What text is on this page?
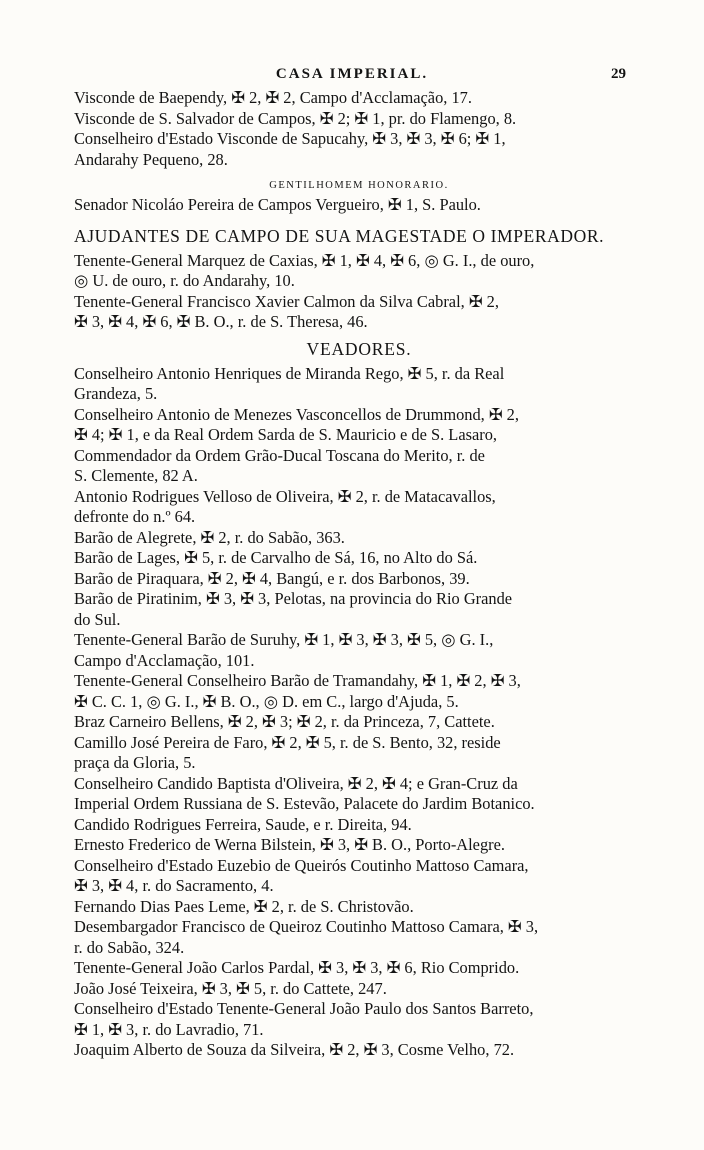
CASA IMPERIAL.	29
Visconde de Baependy, ✠ 2, ✠ 2, Campo d'Acclamação, 17.
Visconde de S. Salvador de Campos, ✠ 2; ✠ 1, pr. do Flamengo, 8.
Conselheiro d'Estado Visconde de Sapucahy, ✠ 3, ✠ 3, ✠ 6; ✠ 1,
Andarahy Pequeno, 28.
GENTILHOMEM HONORARIO.
Senador Nicoláo Pereira de Campos Vergueiro, ✠ 1, S. Paulo.
AJUDANTES DE CAMPO DE SUA MAGESTADE O IMPERADOR.
Tenente-General Marquez de Caxias, ✠ 1, ✠ 4, ✠ 6, ◎ G. I., de ouro,
◎ U. de ouro, r. do Andarahy, 10.
Tenente-General Francisco Xavier Calmon da Silva Cabral, ✠ 2,
✠ 3, ✠ 4, ✠ 6, ✠ B. O., r. de S. Theresa, 46.
VEADORES.
Conselheiro Antonio Henriques de Miranda Rego, ✠ 5, r. da Real
Grandeza, 5.
Conselheiro Antonio de Menezes Vasconcellos de Drummond, ✠ 2,
✠ 4; ✠ 1, e da Real Ordem Sarda de S. Mauricio e de S. Lasaro,
Commendador da Ordem Grão-Ducal Toscana do Merito, r. de
S. Clemente, 82 A.
Antonio Rodrigues Velloso de Oliveira, ✠ 2, r. de Matacavallos,
defronte do n.º 64.
Barão de Alegrete, ✠ 2, r. do Sabão, 363.
Barão de Lages, ✠ 5, r. de Carvalho de Sá, 16, no Alto do Sá.
Barão de Piraquara, ✠ 2, ✠ 4, Bangú, e r. dos Barbonos, 39.
Barão de Piratinim, ✠ 3, ✠ 3, Pelotas, na provincia do Rio Grande
do Sul.
Tenente-General Barão de Suruhy, ✠ 1, ✠ 3, ✠ 3, ✠ 5, ◎ G. I.,
Campo d'Acclamação, 101.
Tenente-General Conselheiro Barão de Tramandahy, ✠ 1, ✠ 2, ✠ 3,
✠ C. C. 1, ◎ G. I., ✠ B. O., ◎ D. em C., largo d'Ajuda, 5.
Braz Carneiro Bellens, ✠ 2, ✠ 3; ✠ 2, r. da Princeza, 7, Cattete.
Camillo José Pereira de Faro, ✠ 2, ✠ 5, r. de S. Bento, 32, reside
praça da Gloria, 5.
Conselheiro Candido Baptista d'Oliveira, ✠ 2, ✠ 4; e Gran-Cruz da
Imperial Ordem Russiana de S. Estevão, Palacete do Jardim Botanico.
Candido Rodrigues Ferreira, Saude, e r. Direita, 94.
Ernesto Frederico de Werna Bilstein, ✠ 3, ✠ B. O., Porto-Alegre.
Conselheiro d'Estado Euzebio de Queirós Coutinho Mattoso Camara,
✠ 3, ✠ 4, r. do Sacramento, 4.
Fernando Dias Paes Leme, ✠ 2, r. de S. Christovão.
Desembargador Francisco de Queiroz Coutinho Mattoso Camara, ✠ 3,
r. do Sabão, 324.
Tenente-General João Carlos Pardal, ✠ 3, ✠ 3, ✠ 6, Rio Comprido.
João José Teixeira, ✠ 3, ✠ 5, r. do Cattete, 247.
Conselheiro d'Estado Tenente-General João Paulo dos Santos Barreto,
✠ 1, ✠ 3, r. do Lavradio, 71.
Joaquim Alberto de Souza da Silveira, ✠ 2, ✠ 3, Cosme Velho, 72.
